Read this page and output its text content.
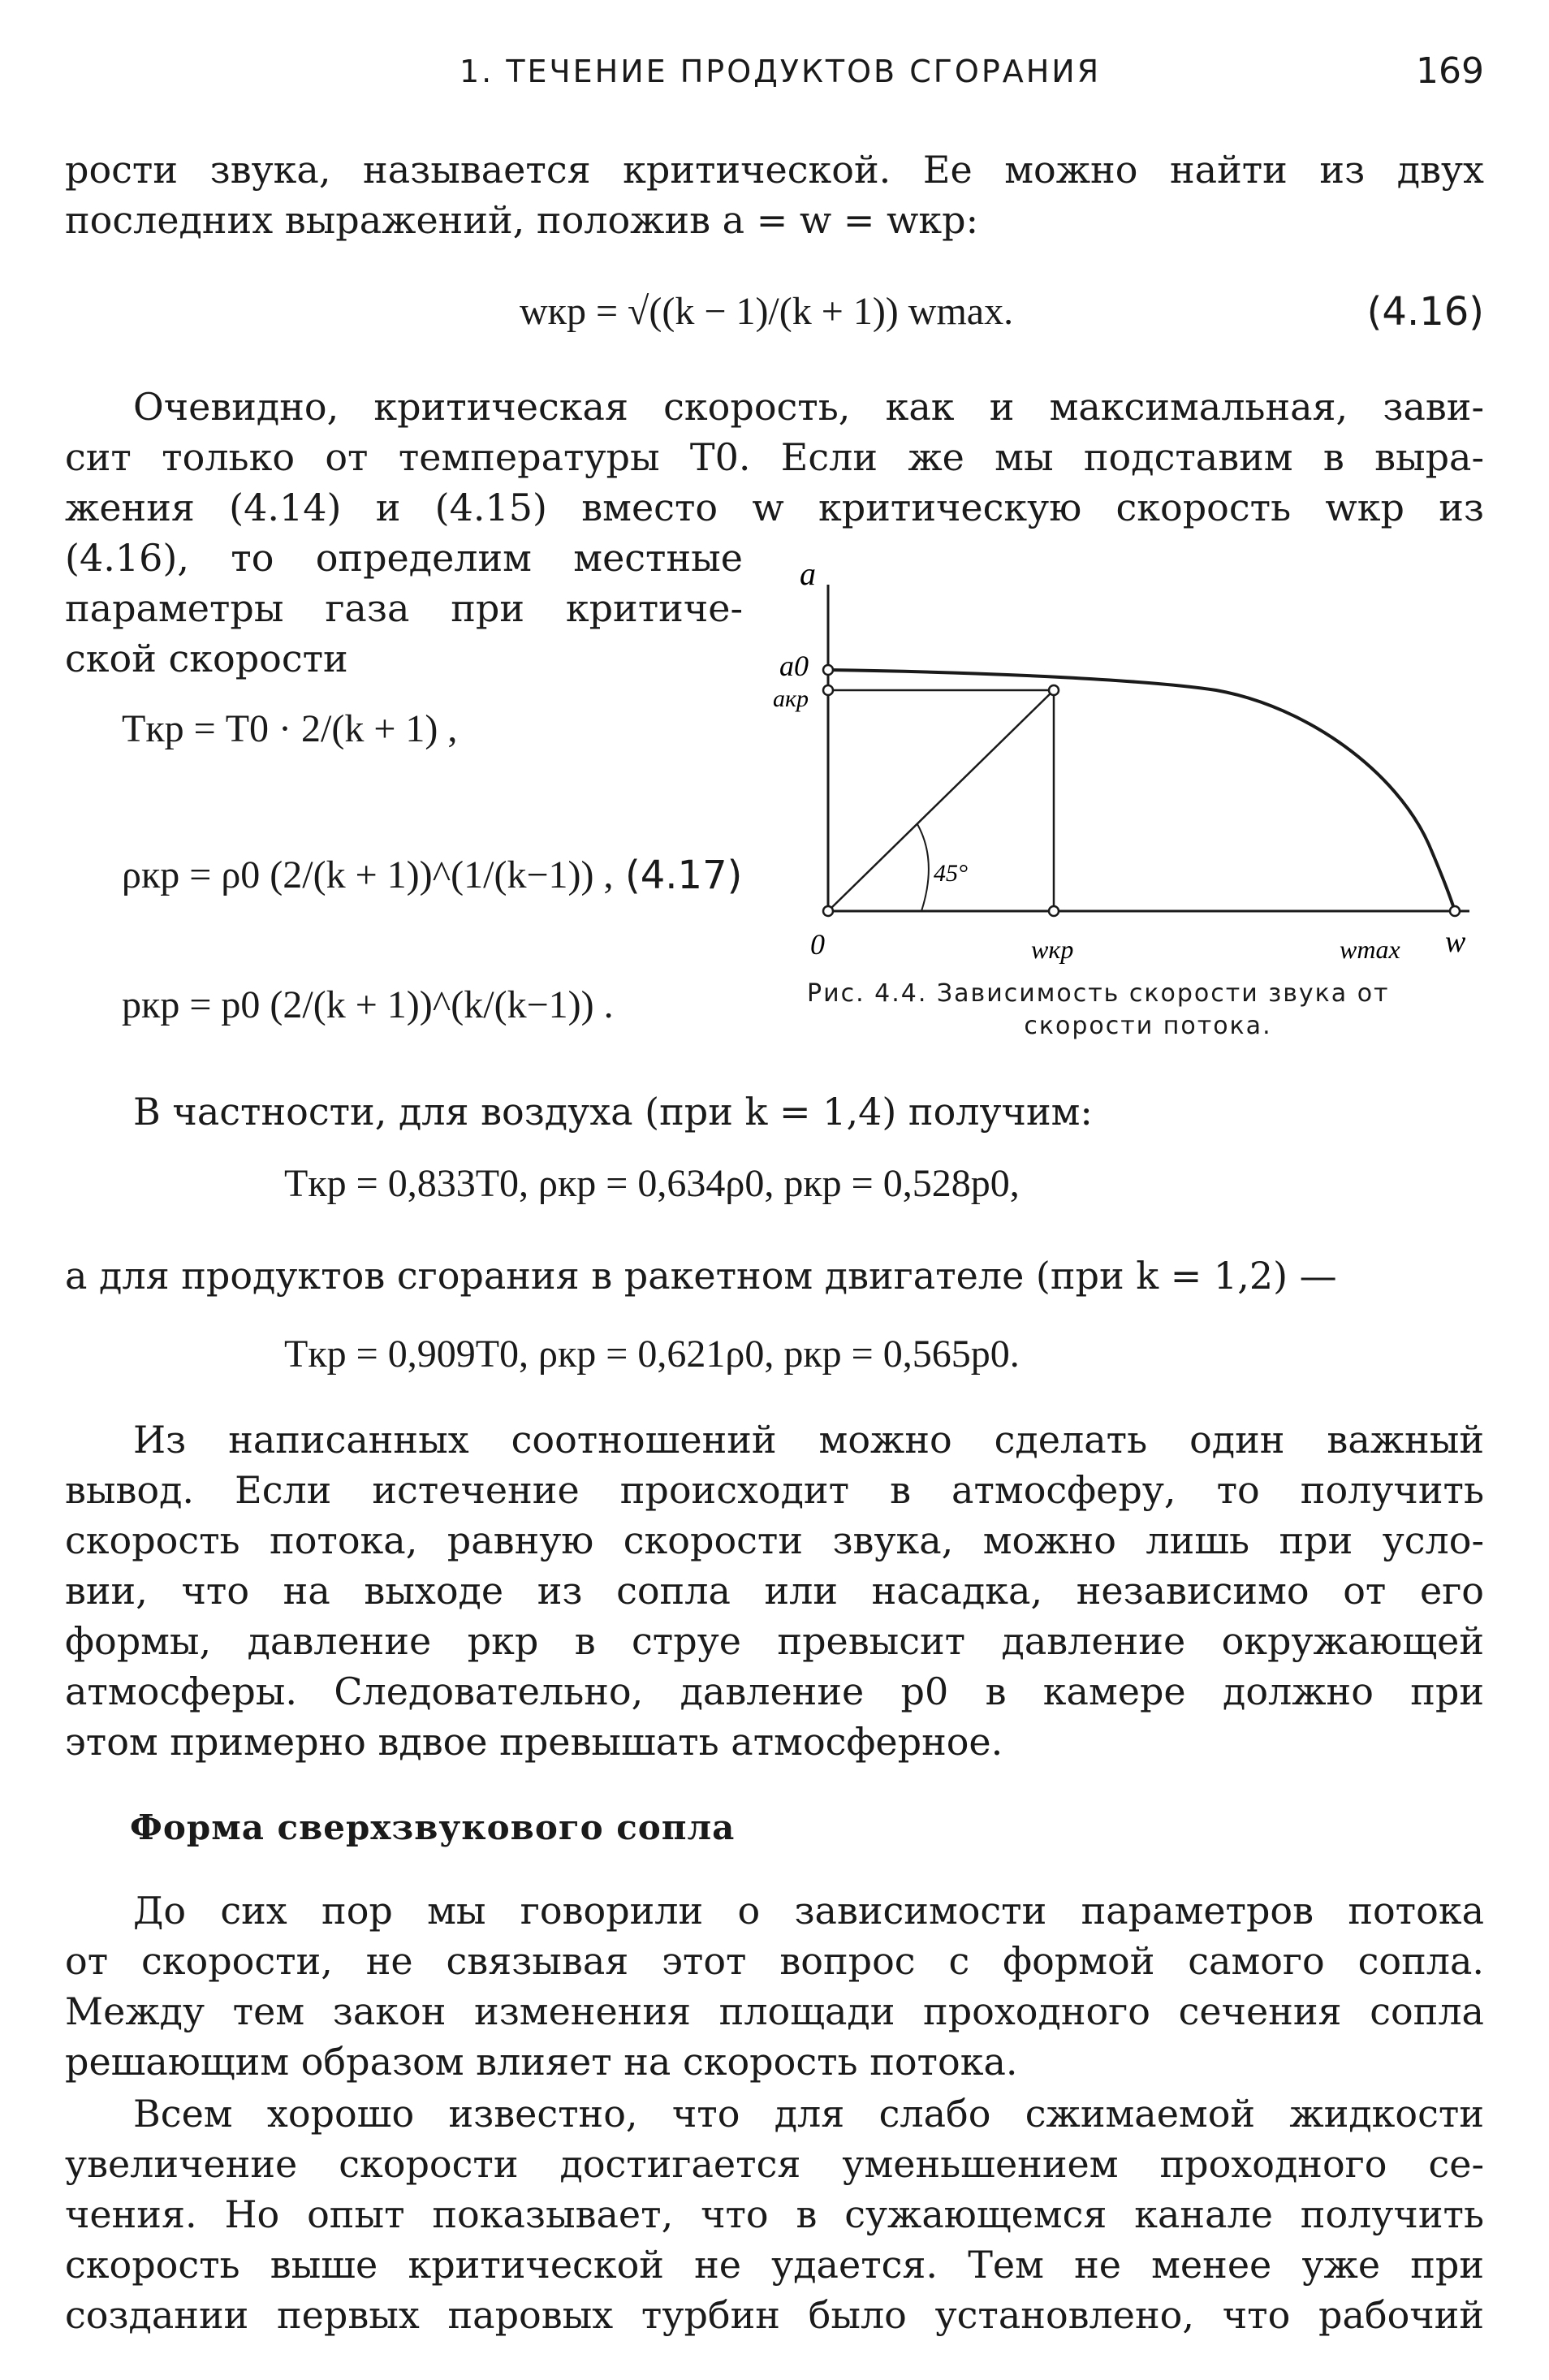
1. ТЕЧЕНИЕ ПРОДУКТОВ СГОРАНИЯ	169
рости звука, называется критической. Ее можно найти из двух
последних выражений, положив a = w = wкр:
wкр = √((k − 1)/(k + 1)) wmax.	(4.16)
Очевидно, критическая скорость, как и максимальная, зави-
сит только от температуры T0. Если же мы подставим в выра-
жения (4.14) и (4.15) вместо w критическую скорость wкр из
(4.16), то определим местные
параметры газа при критиче-
ской скорости
Tкр = T0 · 2/(k + 1) ,
ρкр = ρ0 (2/(k + 1))^(1/(k−1)) , (4.17)
pкр = p0 (2/(k + 1))^(k/(k−1)) .
a
a0
aкр
45°
0	wкр	wmax w
Рис. 4.4. Зависимость скорости звука от
скорости потока.
В частности, для воздуха (при k = 1,4) получим:
Tкр = 0,833T0, ρкр = 0,634ρ0, pкр = 0,528p0,
а для продуктов сгорания в ракетном двигателе (при k = 1,2) —
Tкр = 0,909T0, ρкр = 0,621ρ0, pкр = 0,565p0.
Из написанных соотношений можно сделать один важный
вывод. Если истечение происходит в атмосферу, то получить
скорость потока, равную скорости звука, можно лишь при усло-
вии, что на выходе из сопла или насадка, независимо от его
формы, давление pкр в струе превысит давление окружающей
атмосферы. Следовательно, давление p0 в камере должно при
этом примерно вдвое превышать атмосферное.
Форма сверхзвукового сопла
До сих пор мы говорили о зависимости параметров потока
от скорости, не связывая этот вопрос с формой самого сопла.
Между тем закон изменения площади проходного сечения сопла
решающим образом влияет на скорость потока.
Всем хорошо известно, что для слабо сжимаемой жидкости
увеличение скорости достигается уменьшением проходного се-
чения. Но опыт показывает, что в сужающемся канале получить
скорость выше критической не удается. Тем не менее уже при
создании первых паровых турбин было установлено, что рабочий
